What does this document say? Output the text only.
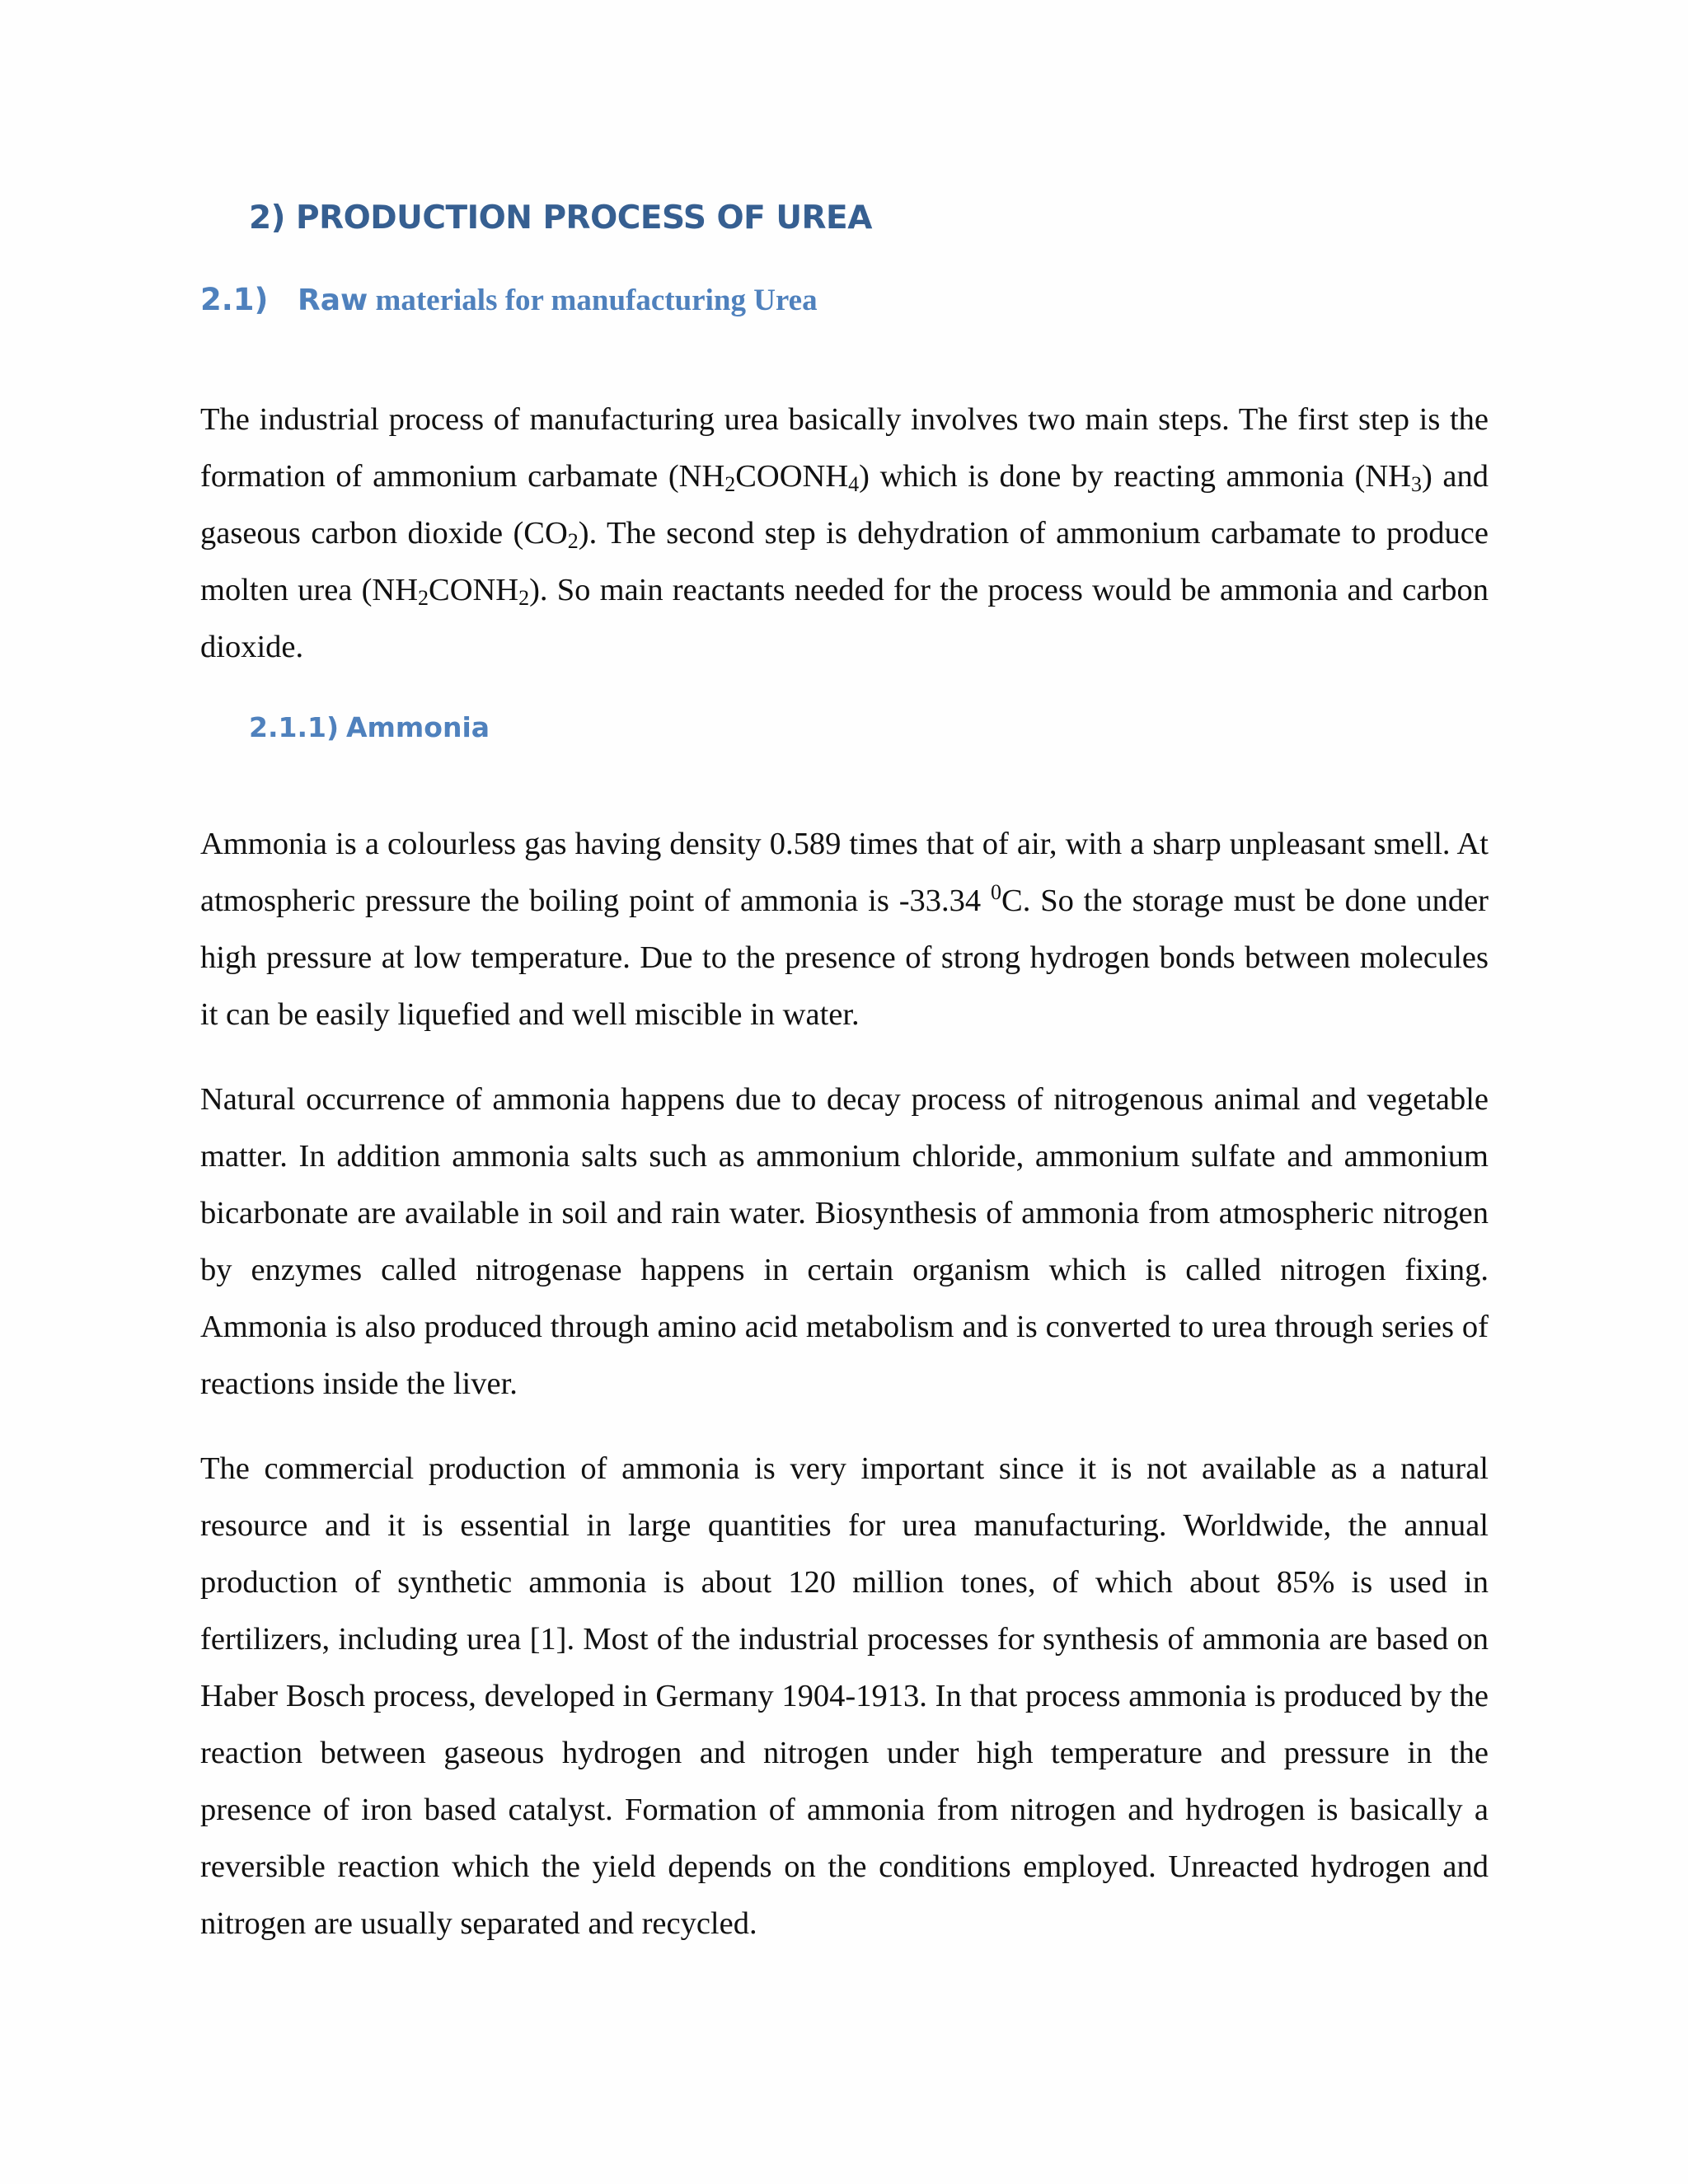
2) PRODUCTION PROCESS OF UREA
2.1) Raw materials for manufacturing Urea

The industrial process of manufacturing urea basically involves two main steps. The first step is the formation of ammonium carbamate $(NH_2COONH_4)$ which is done by reacting ammonia $(NH_3)$ and gaseous carbon dioxide $(CO_2)$. The second step is dehydration of ammonium carbamate to produce molten urea $(NH_2CONH_2)$. So main reactants needed for the process would be ammonia and carbon dioxide.

2.1.1) Ammonia

Ammonia is a colourless gas having density 0.589 times that of air, with a sharp unpleasant smell. At atmospheric pressure the boiling point of ammonia is -33.34 $^0$C. So the storage must be done under high pressure at low temperature. Due to the presence of strong hydrogen bonds between molecules it can be easily liquefied and well miscible in water.

Natural occurrence of ammonia happens due to decay process of nitrogenous animal and vegetable matter. In addition ammonia salts such as ammonium chloride, ammonium sulfate and ammonium bicarbonate are available in soil and rain water. Biosynthesis of ammonia from atmospheric nitrogen by enzymes called nitrogenase happens in certain organism which is called nitrogen fixing. Ammonia is also produced through amino acid metabolism and is converted to urea through series of reactions inside the liver.

The commercial production of ammonia is very important since it is not available as a natural resource and it is essential in large quantities for urea manufacturing. Worldwide, the annual production of synthetic ammonia is about 120 million tones, of which about 85% is used in fertilizers, including urea [1]. Most of the industrial processes for synthesis of ammonia are based on Haber Bosch process, developed in Germany 1904-1913. In that process ammonia is produced by the reaction between gaseous hydrogen and nitrogen under high temperature and pressure in the presence of iron based catalyst. Formation of ammonia from nitrogen and hydrogen is basically a reversible reaction which the yield depends on the conditions employed. Unreacted hydrogen and nitrogen are usually separated and recycled.
